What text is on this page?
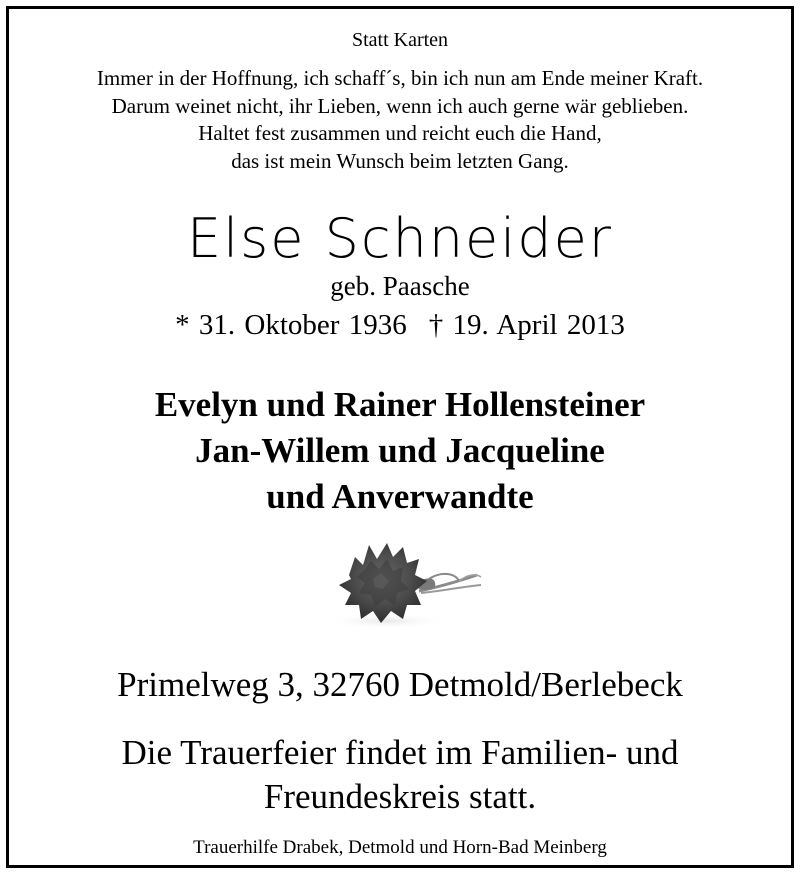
Statt Karten
Immer in der Hoffnung, ich schaff´s, bin ich nun am Ende meiner Kraft.
Darum weinet nicht, ihr Lieben, wenn ich auch gerne wär geblieben.
Haltet fest zusammen und reicht euch die Hand,
das ist mein Wunsch beim letzten Gang.
Else Schneider
geb. Paasche
* 31. Oktober 1936 † 19. April 2013
Evelyn und Rainer Hollensteiner
Jan-Willem und Jacqueline
und Anverwandte
Primelweg 3, 32760 Detmold/Berlebeck
Die Trauerfeier findet im Familien- und
Freundeskreis statt.
Trauerhilfe Drabek, Detmold und Horn-Bad Meinberg
